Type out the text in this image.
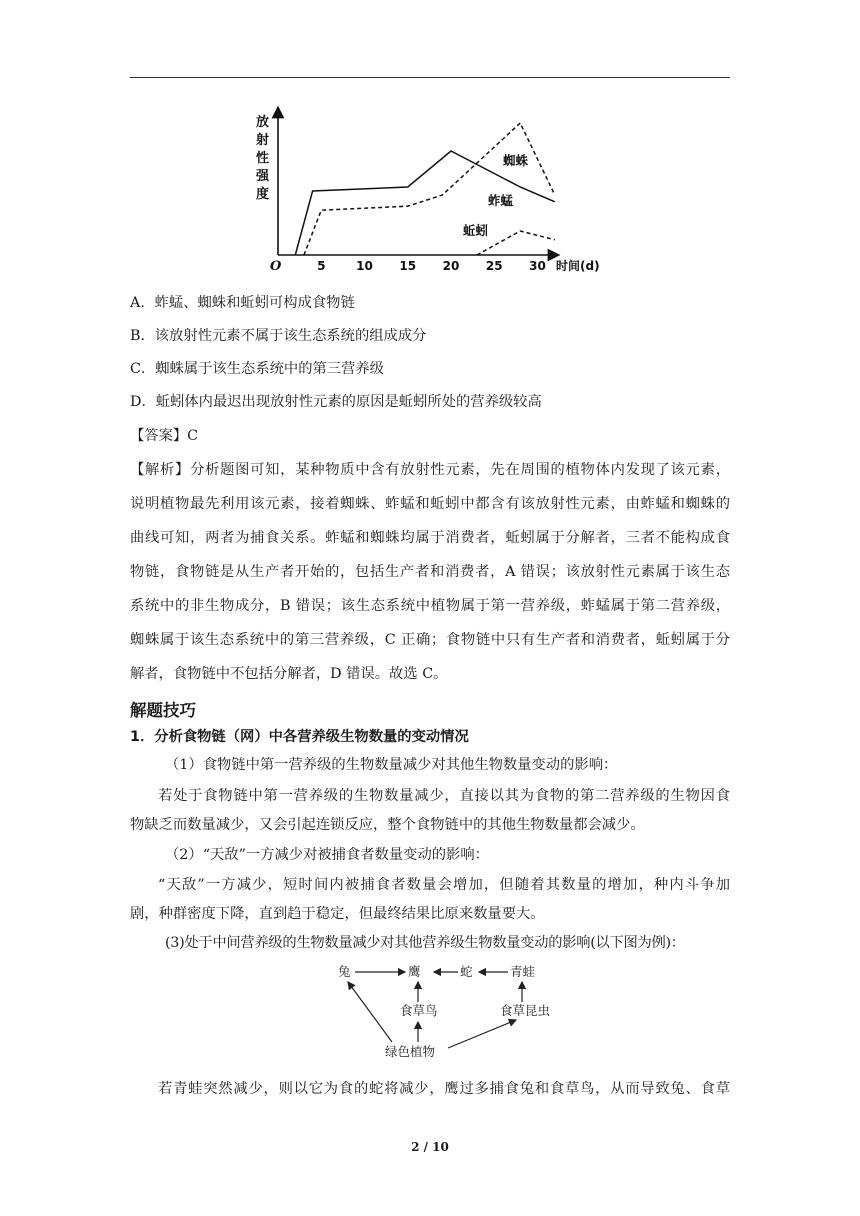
放
射
性
强
度
O	5	10 15 20 25 30 时间(d)
蜘蛛
蚱蜢
蚯蚓
A．蚱蜢、蜘蛛和蚯蚓可构成食物链
B．该放射性元素不属于该生态系统的组成成分
C．蜘蛛属于该生态系统中的第三营养级
D．蚯蚓体内最迟出现放射性元素的原因是蚯蚓所处的营养级较高
【答案】C
【解析】分析题图可知，某种物质中含有放射性元素，先在周围的植物体内发现了该元素，
说明植物最先利用该元素，接着蜘蛛、蚱蜢和蚯蚓中都含有该放射性元素，由蚱蜢和蜘蛛的
曲线可知，两者为捕食关系。蚱蜢和蜘蛛均属于消费者，蚯蚓属于分解者，三者不能构成食
物链，食物链是从生产者开始的，包括生产者和消费者，A 错误；该放射性元素属于该生态
系统中的非生物成分，B 错误；该生态系统中植物属于第一营养级，蚱蜢属于第二营养级，
蜘蛛属于该生态系统中的第三营养级，C 正确；食物链中只有生产者和消费者，蚯蚓属于分
解者，食物链中不包括分解者，D 错误。故选 C。
解题技巧
1．分析食物链（网）中各营养级生物数量的变动情况
（1）食物链中第一营养级的生物数量减少对其他生物数量变动的影响：
若处于食物链中第一营养级的生物数量减少，直接以其为食物的第二营养级的生物因食
物缺乏而数量减少，又会引起连锁反应，整个食物链中的其他生物数量都会减少。
（2）“天敌”一方减少对被捕食者数量变动的影响：
“天敌”一方减少，短时间内被捕食者数量会增加，但随着其数量的增加，种内斗争加
剧，种群密度下降，直到趋于稳定，但最终结果比原来数量要大。
(3)处于中间营养级的生物数量减少对其他营养级生物数量变动的影响(以下图为例)：
兔	鹰	蛇	青蛙
食草鸟	食草昆虫
绿色植物
若青蛙突然减少，则以它为食的蛇将减少，鹰过多捕食兔和食草鸟，从而导致兔、食草
2 / 10
